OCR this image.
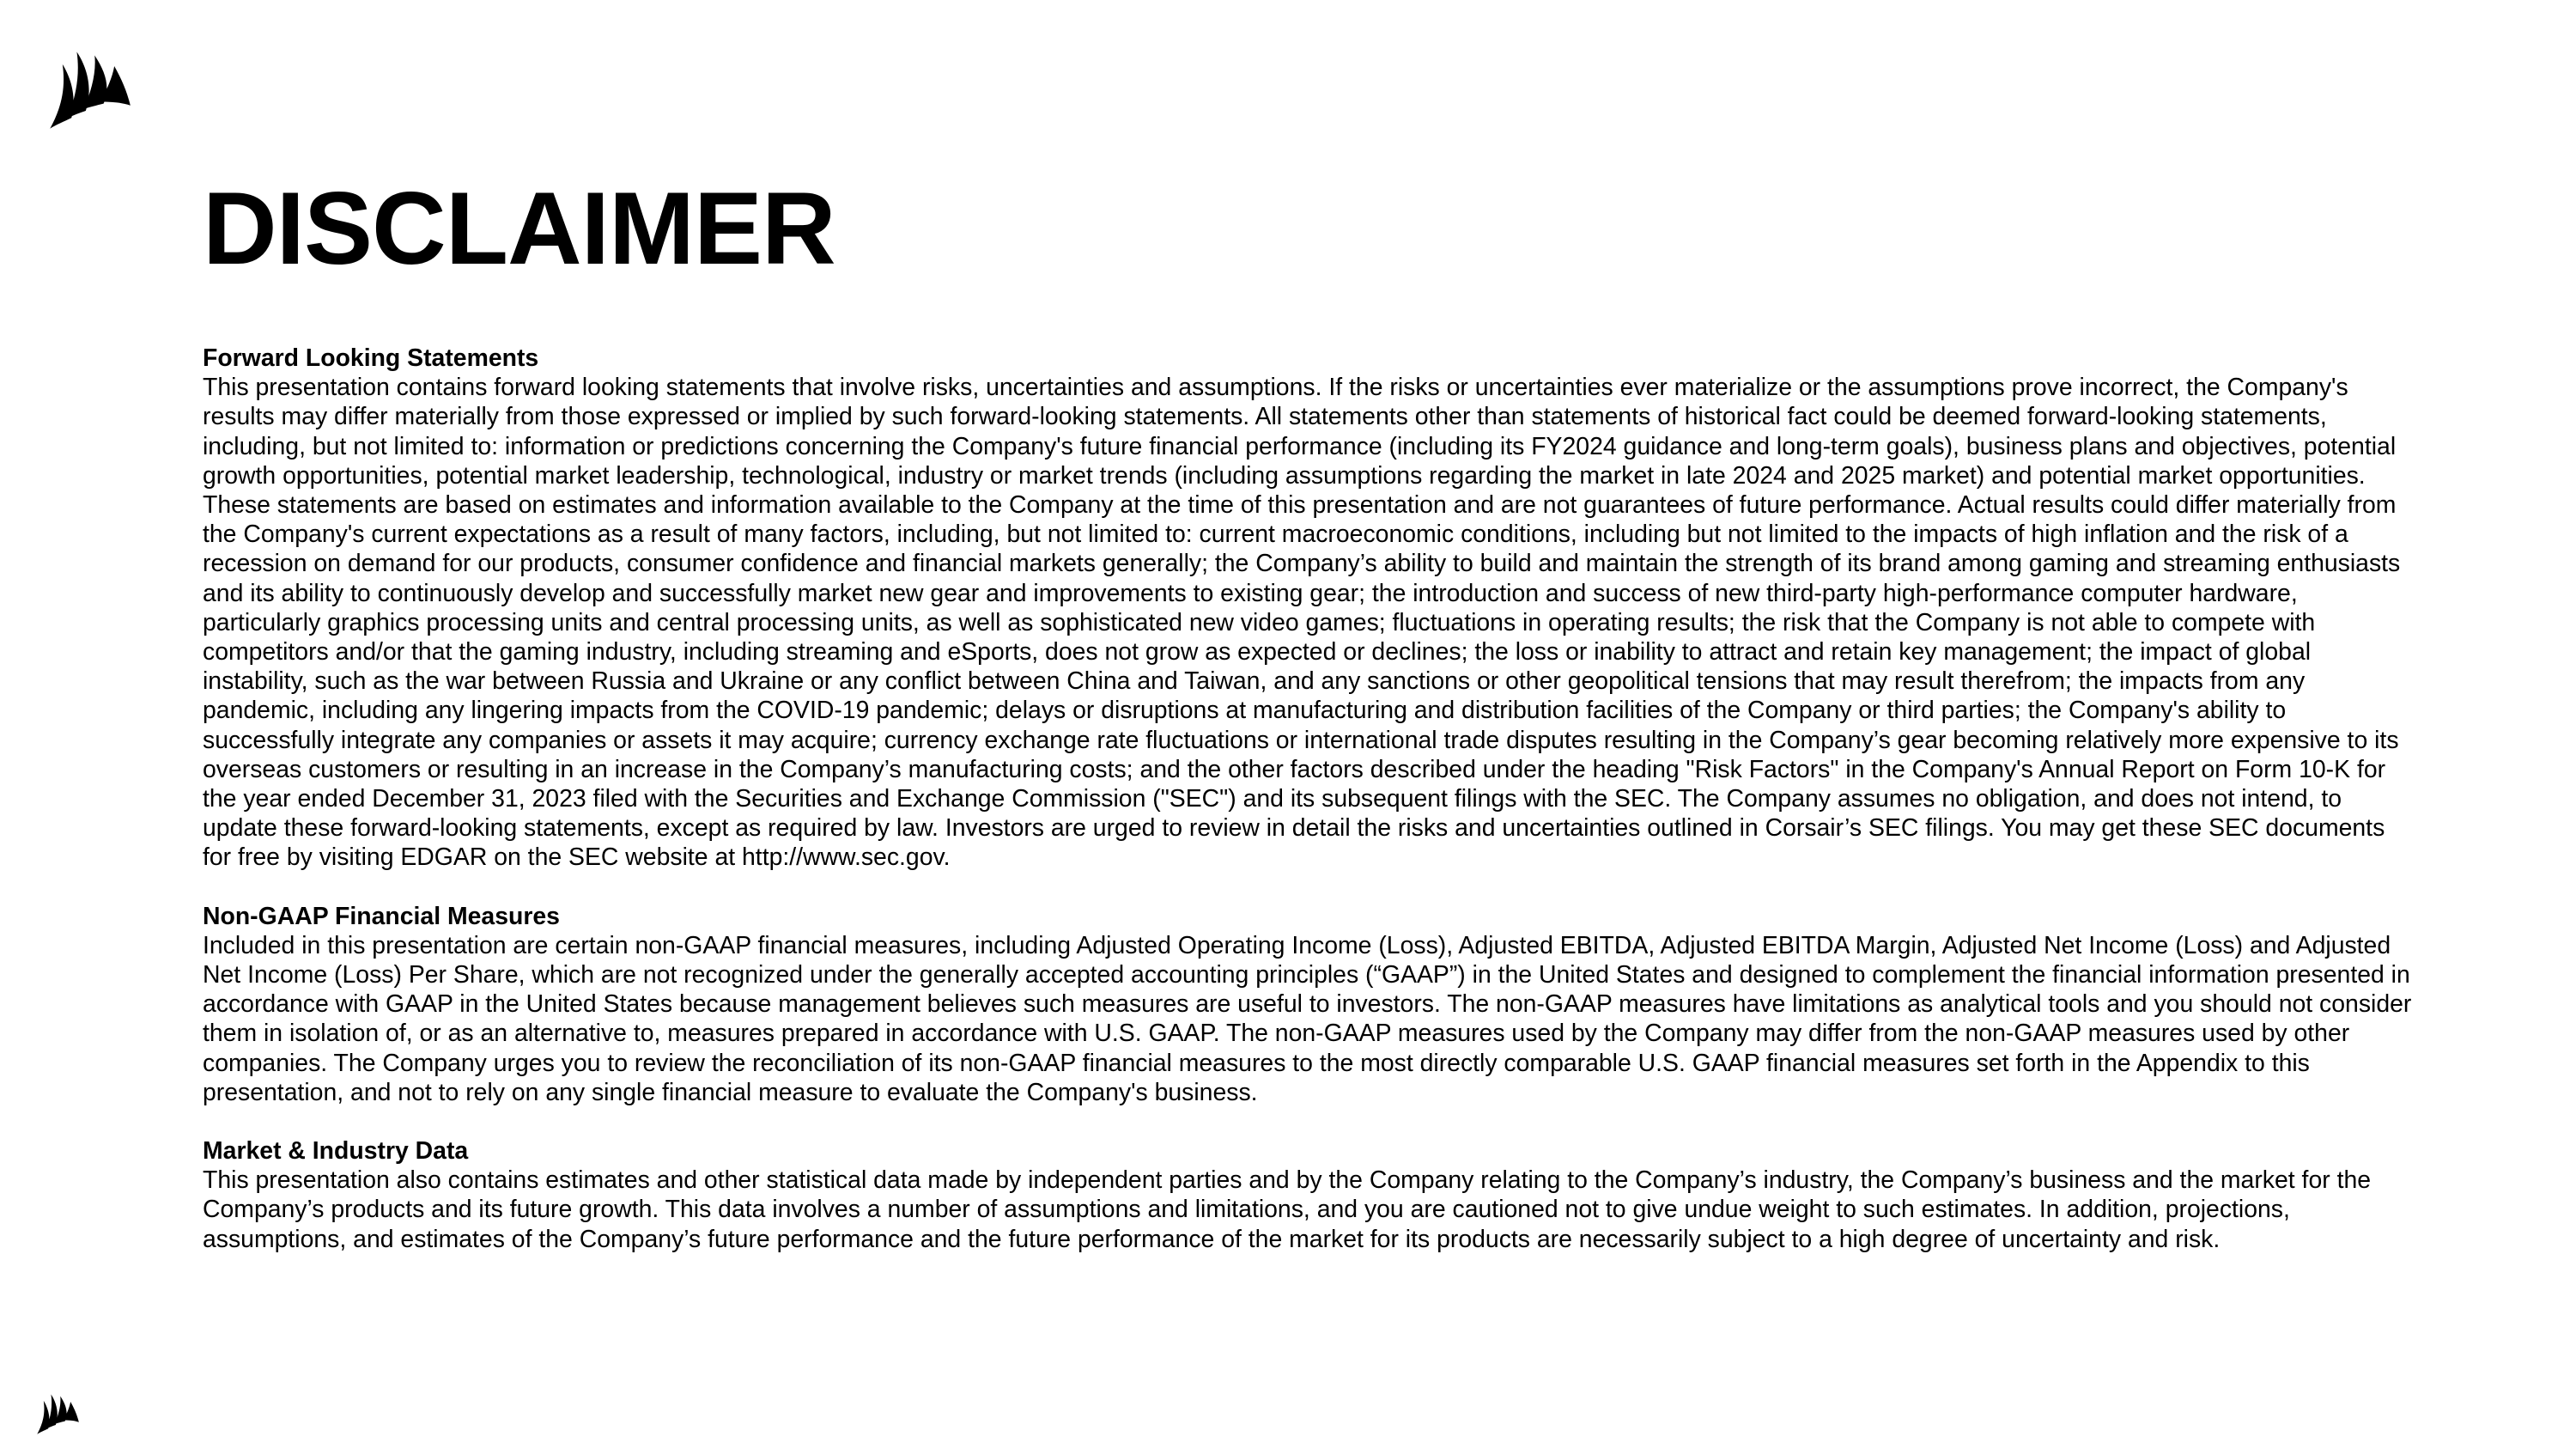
DISCLAIMER

Forward Looking Statements

This presentation contains forward looking statements that involve risks, uncertainties and assumptions. If the risks or uncertainties ever materialize or the assumptions prove incorrect, the Company's results may differ materially from those expressed or implied by such forward-looking statements. All statements other than statements of historical fact could be deemed forward-looking statements, including, but not limited to: information or predictions concerning the Company's future financial performance (including its FY2024 guidance and long-term goals), business plans and objectives, potential growth opportunities, potential market leadership, technological, industry or market trends (including assumptions regarding the market in late 2024 and 2025 market) and potential market opportunities. These statements are based on estimates and information available to the Company at the time of this presentation and are not guarantees of future performance. Actual results could differ materially from the Company's current expectations as a result of many factors, including, but not limited to: current macroeconomic conditions, including but not limited to the impacts of high inflation and the risk of a recession on demand for our products, consumer confidence and financial markets generally; the Company’s ability to build and maintain the strength of its brand among gaming and streaming enthusiasts and its ability to continuously develop and successfully market new gear and improvements to existing gear; the introduction and success of new third-party high-performance computer hardware, particularly graphics processing units and central processing units, as well as sophisticated new video games; fluctuations in operating results; the risk that the Company is not able to compete with competitors and/or that the gaming industry, including streaming and eSports, does not grow as expected or declines; the loss or inability to attract and retain key management; the impact of global instability, such as the war between Russia and Ukraine or any conflict between China and Taiwan, and any sanctions or other geopolitical tensions that may result therefrom; the impacts from any pandemic, including any lingering impacts from the COVID-19 pandemic; delays or disruptions at manufacturing and distribution facilities of the Company or third parties; the Company's ability to successfully integrate any companies or assets it may acquire; currency exchange rate fluctuations or international trade disputes resulting in the Company’s gear becoming relatively more expensive to its overseas customers or resulting in an increase in the Company’s manufacturing costs; and the other factors described under the heading "Risk Factors" in the Company's Annual Report on Form 10-K for the year ended December 31, 2023 filed with the Securities and Exchange Commission ("SEC") and its subsequent filings with the SEC. The Company assumes no obligation, and does not intend, to update these forward-looking statements, except as required by law. Investors are urged to review in detail the risks and uncertainties outlined in Corsair’s SEC filings. You may get these SEC documents for free by visiting EDGAR on the SEC website at http://www.sec.gov.

Non-GAAP Financial Measures

Included in this presentation are certain non-GAAP financial measures, including Adjusted Operating Income (Loss), Adjusted EBITDA, Adjusted EBITDA Margin, Adjusted Net Income (Loss) and Adjusted Net Income (Loss) Per Share, which are not recognized under the generally accepted accounting principles (“GAAP”) in the United States and designed to complement the financial information presented in accordance with GAAP in the United States because management believes such measures are useful to investors. The non-GAAP measures have limitations as analytical tools and you should not consider them in isolation of, or as an alternative to, measures prepared in accordance with U.S. GAAP. The non-GAAP measures used by the Company may differ from the non-GAAP measures used by other companies. The Company urges you to review the reconciliation of its non-GAAP financial measures to the most directly comparable U.S. GAAP financial measures set forth in the Appendix to this presentation, and not to rely on any single financial measure to evaluate the Company's business.

Market & Industry Data

This presentation also contains estimates and other statistical data made by independent parties and by the Company relating to the Company’s industry, the Company’s business and the market for the Company’s products and its future growth. This data involves a number of assumptions and limitations, and you are cautioned not to give undue weight to such estimates. In addition, projections, assumptions, and estimates of the Company’s future performance and the future performance of the market for its products are necessarily subject to a high degree of uncertainty and risk.
